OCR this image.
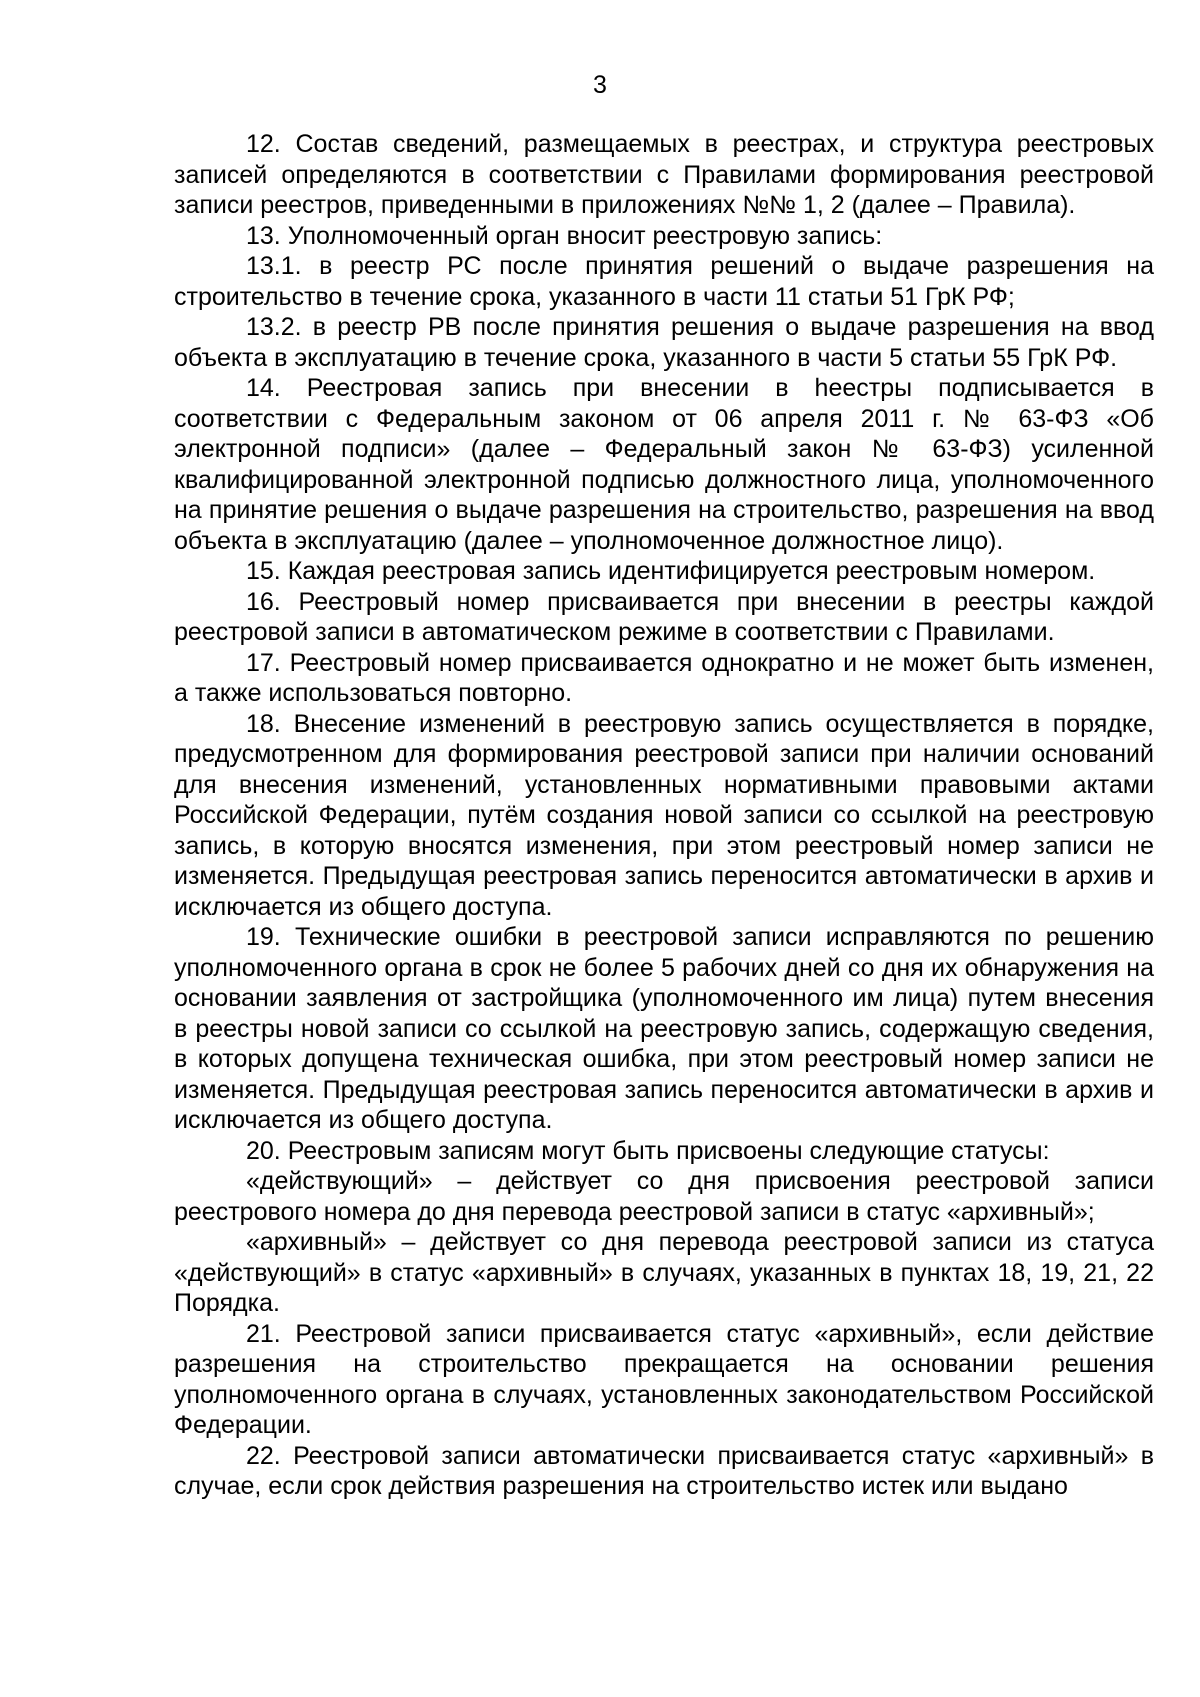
3

12. Состав сведений, размещаемых в реестрах, и структура реестровых записей определяются в соответствии с Правилами формирования реестровой записи реестров, приведенными в приложениях №№ 1, 2 (далее – Правила).

13. Уполномоченный орган вносит реестровую запись:

13.1. в реестр РС после принятия решений о выдаче разрешения на строительство в течение срока, указанного в части 11 статьи 51 ГрК РФ;

13.2. в реестр РВ после принятия решения о выдаче разрешения на ввод объекта в эксплуатацию в течение срока, указанного в части 5 статьи 55 ГрК РФ.

14. Реестровая запись при внесении в һеестры подписывается в соответствии с Федеральным законом от 06 апреля 2011 г. № 63-ФЗ «Об электронной подписи» (далее – Федеральный закон № 63-ФЗ) усиленной квалифицированной электронной подписью должностного лица, уполномоченного на принятие решения о выдаче разрешения на строительство, разрешения на ввод объекта в эксплуатацию (далее – уполномоченное должностное лицо).

15. Каждая реестровая запись идентифицируется реестровым номером.

16. Реестровый номер присваивается при внесении в реестры каждой реестровой записи в автоматическом режиме в соответствии с Правилами.

17. Реестровый номер присваивается однократно и не может быть изменен, а также использоваться повторно.

18. Внесение изменений в реестровую запись осуществляется в порядке, предусмотренном для формирования реестровой записи при наличии оснований для внесения изменений, установленных нормативными правовыми актами Российской Федерации, путём создания новой записи со ссылкой на реестровую запись, в которую вносятся изменения, при этом реестровый номер записи не изменяется. Предыдущая реестровая запись переносится автоматически в архив и исключается из общего доступа.

19. Технические ошибки в реестровой записи исправляются по решению уполномоченного органа в срок не более 5 рабочих дней со дня их обнаружения на основании заявления от застройщика (уполномоченного им лица) путем внесения в реестры новой записи со ссылкой на реестровую запись, содержащую сведения, в которых допущена техническая ошибка, при этом реестровый номер записи не изменяется. Предыдущая реестровая запись переносится автоматически в архив и исключается из общего доступа.

20. Реестровым записям могут быть присвоены следующие статусы:

«действующий» – действует со дня присвоения реестровой записи реестрового номера до дня перевода реестровой записи в статус «архивный»;

«архивный» – действует со дня перевода реестровой записи из статуса «действующий» в статус «архивный» в случаях, указанных в пунктах 18, 19, 21, 22 Порядка.

21. Реестровой записи присваивается статус «архивный», если действие разрешения на строительство прекращается на основании решения уполномоченного органа в случаях, установленных законодательством Российской Федерации.

22. Реестровой записи автоматически присваивается статус «архивный» в случае, если срок действия разрешения на строительство истек или выдано
